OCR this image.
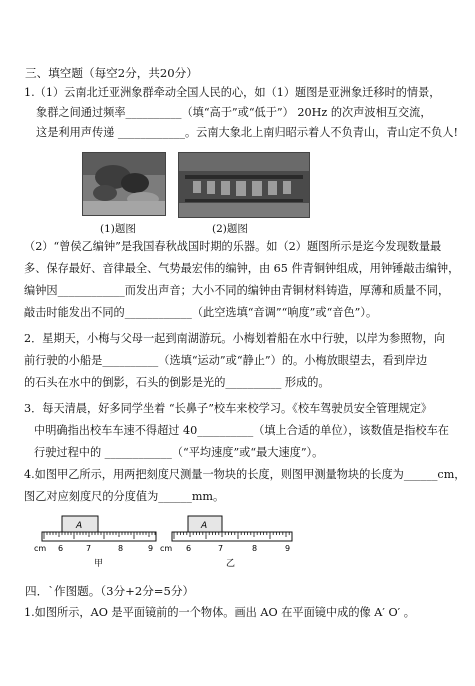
三、填空题（每空2分，共20分）
1.（1）云南北迁亚洲象群牵动全国人民的心，如（1）题图是亚洲象迁移时的情景，
象群之间通过频率__________（填“高于”或“低于”） 20Hz 的次声波相互交流，
这是利用声传递 ____________。云南大象北上南归昭示着人不负青山，青山定不负人!
(1)题图	(2)题图
（2）“曾侯乙编钟”是我国春秋战国时期的乐器。如（2）题图所示是迄今发现数量最
多、保存最好、音律最全、气势最宏伟的编钟，由 65 件青铜钟组成，用钟锤敲击编钟，
编钟因____________而发出声音；大小不同的编钟由青铜材料铸造，厚薄和质量不同，
敲击时能发出不同的____________（此空选填“音调”“响度”或“音色”）。
2．星期天，小梅与父母一起到南湖游玩。小梅划着船在水中行驶，以岸为参照物，向
前行驶的小船是__________（选填“运动”或“静止”）的。小梅放眼望去，看到岸边
的石头在水中的倒影，石头的倒影是光的__________ 形成的。
3．每天清晨，好多同学坐着 “长鼻子”校车来校学习。《校车驾驶员安全管理规定》
中明确指出校车车速不得超过 40__________（填上合适的单位），该数值是指校车在
行驶过程中的 ____________（“平均速度”或“最大速度”）。
4.如图甲乙所示，用两把刻度尺测量一物块的长度，则图甲测量物块的长度为______cm，
图乙对应刻度尺的分度值为______mm。
A
cm 6	7	8	9
甲
A
cm 6	7	8	9
乙
四．`作图题。（3分+2分=5分）
1.如图所示，AO 是平面镜前的一个物体。画出 AO 在平面镜中成的像 A′ O′ 。
